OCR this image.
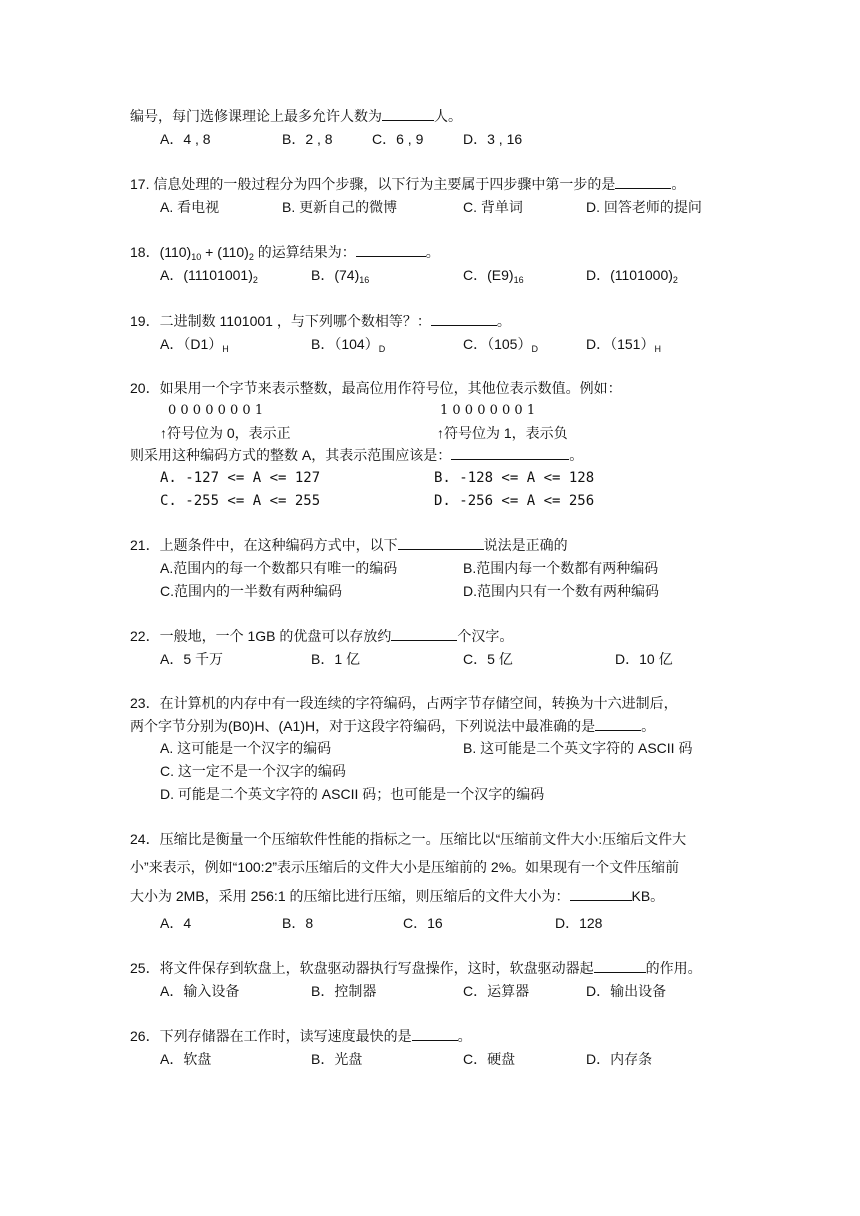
编号，每门选修课理论上最多允许人数为	人。
A．4 , 8	B．2 , 8	C．6 , 9	D．3 , 16
17. 信息处理的一般过程分为四个步骤，以下行为主要属于四步骤中第一步的是	。
A. 看电视	B. 更新自己的微博	C. 背单词	D. 回答老师的提问
18．$(110)_{10} + (110)_2$ 的运算结果为：	。
A．$(11101001)_2$	B．$(74)_{16}$	C．$(E9)_{16}$	D．$(1101000)_2$
19．二进制数 1101001 ，与下列哪个数相等？：	。
A．$(D1)_H$	B．$(104)_D$	C．$(105)_D$	D．$(151)_H$
20．如果用一个字节来表示整数，最高位用作符号位，其他位表示数值。例如：
0 0 0 0 0 0 0 1	1 0 0 0 0 0 0 1
↑符号位为 0，表示正	↑符号位为 1，表示负
则采用这种编码方式的整数 A，其表示范围应该是：	。
A. -127 <= A <= 127	B. -128 <= A <= 128
C. -255 <= A <= 255	D. -256 <= A <= 256
21．上题条件中，在这种编码方式中，以下	说法是正确的
A.范围内的每一个数都只有唯一的编码	B.范围内每一个数都有两种编码
C.范围内的一半数有两种编码	D.范围内只有一个数有两种编码
22．一般地，一个 1GB 的优盘可以存放约	个汉字。
A．5 千万	B．1 亿	C．5 亿	D．10 亿
23．在计算机的内存中有一段连续的字符编码，占两字节存储空间，转换为十六进制后，
两个字节分别为(B0)H、(A1)H，对于这段字符编码，下列说法中最准确的是	。
A. 这可能是一个汉字的编码	B. 这可能是二个英文字符的 ASCII 码
C. 这一定不是一个汉字的编码
D. 可能是二个英文字符的 ASCII 码；也可能是一个汉字的编码
24．压缩比是衡量一个压缩软件性能的指标之一。压缩比以“压缩前文件大小:压缩后文件大
小”来表示，例如“100:2”表示压缩后的文件大小是压缩前的 2%。如果现有一个文件压缩前
大小为 2MB，采用 256:1 的压缩比进行压缩，则压缩后的文件大小为：	KB。
A．4	B．8	C．16	D．128
25．将文件保存到软盘上，软盘驱动器执行写盘操作，这时，软盘驱动器起	的作用。
A．输入设备	B．控制器	C．运算器	D．输出设备
26．下列存储器在工作时，读写速度最快的是	。
A．软盘	B．光盘	C．硬盘	D．内存条
